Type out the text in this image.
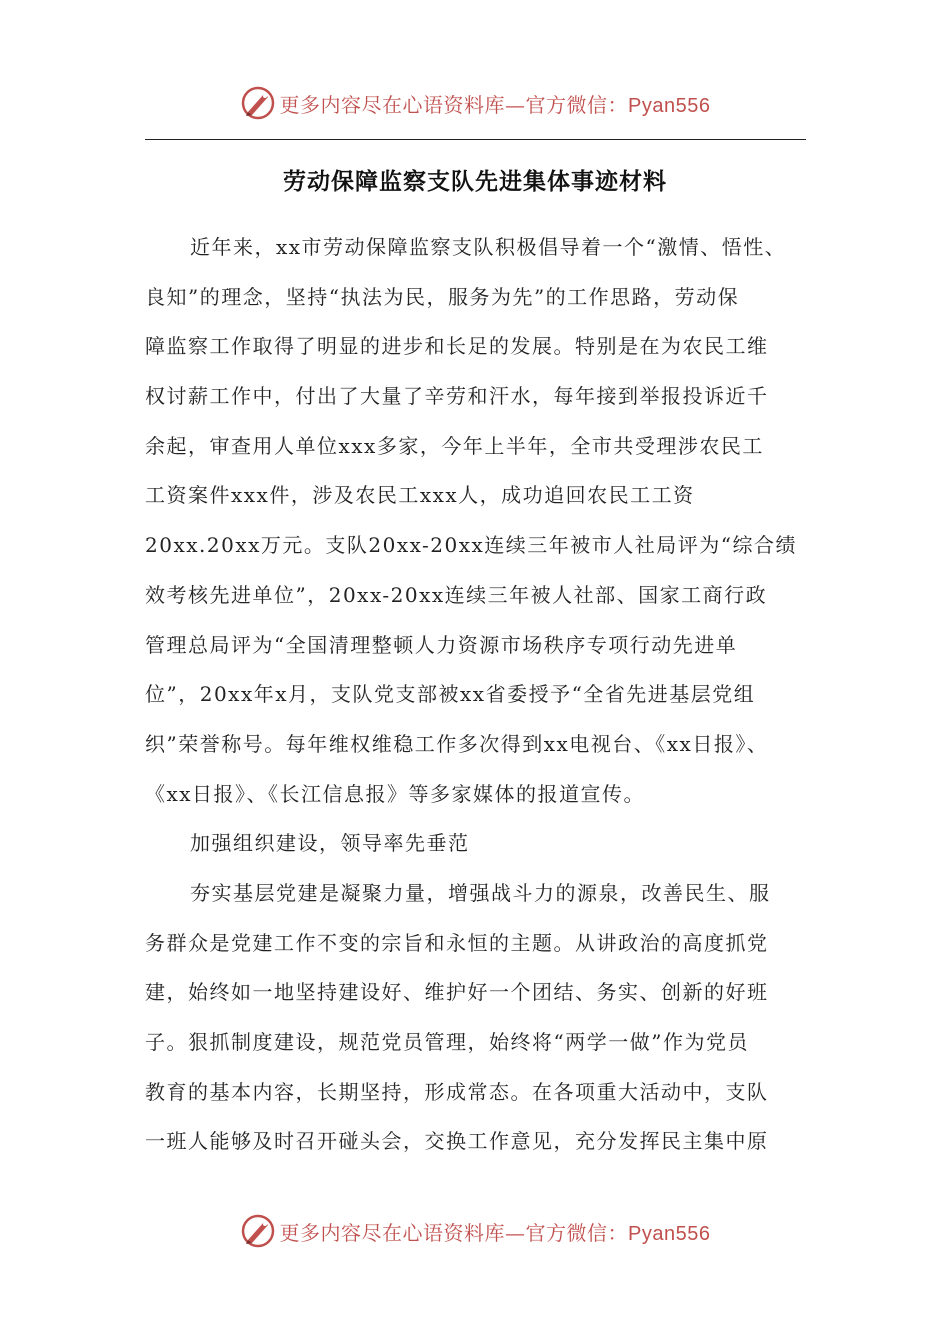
更多内容尽在心语资料库—官方微信：Pyan556
劳动保障监察支队先进集体事迹材料
近年来，xx市劳动保障监察支队积极倡导着一个“激情、悟性、
良知”的理念，坚持“执法为民，服务为先”的工作思路，劳动保
障监察工作取得了明显的进步和长足的发展。特别是在为农民工维
权讨薪工作中，付出了大量了辛劳和汗水，每年接到举报投诉近千
余起，审查用人单位xxx多家，今年上半年，全市共受理涉农民工
工资案件xxx件，涉及农民工xxx人，成功追回农民工工资
20xx.20xx万元。支队20xx-20xx连续三年被市人社局评为“综合绩
效考核先进单位”，20xx-20xx连续三年被人社部、国家工商行政
管理总局评为“全国清理整顿人力资源市场秩序专项行动先进单
位”，20xx年x月，支队党支部被xx省委授予“全省先进基层党组
织”荣誉称号。每年维权维稳工作多次得到xx电视台、《xx日报》、
《xx日报》、《长江信息报》等多家媒体的报道宣传。
加强组织建设，领导率先垂范
夯实基层党建是凝聚力量，增强战斗力的源泉，改善民生、服
务群众是党建工作不变的宗旨和永恒的主题。从讲政治的高度抓党
建，始终如一地坚持建设好、维护好一个团结、务实、创新的好班
子。狠抓制度建设，规范党员管理，始终将“两学一做”作为党员
教育的基本内容，长期坚持，形成常态。在各项重大活动中，支队
一班人能够及时召开碰头会，交换工作意见，充分发挥民主集中原
更多内容尽在心语资料库—官方微信：Pyan556
